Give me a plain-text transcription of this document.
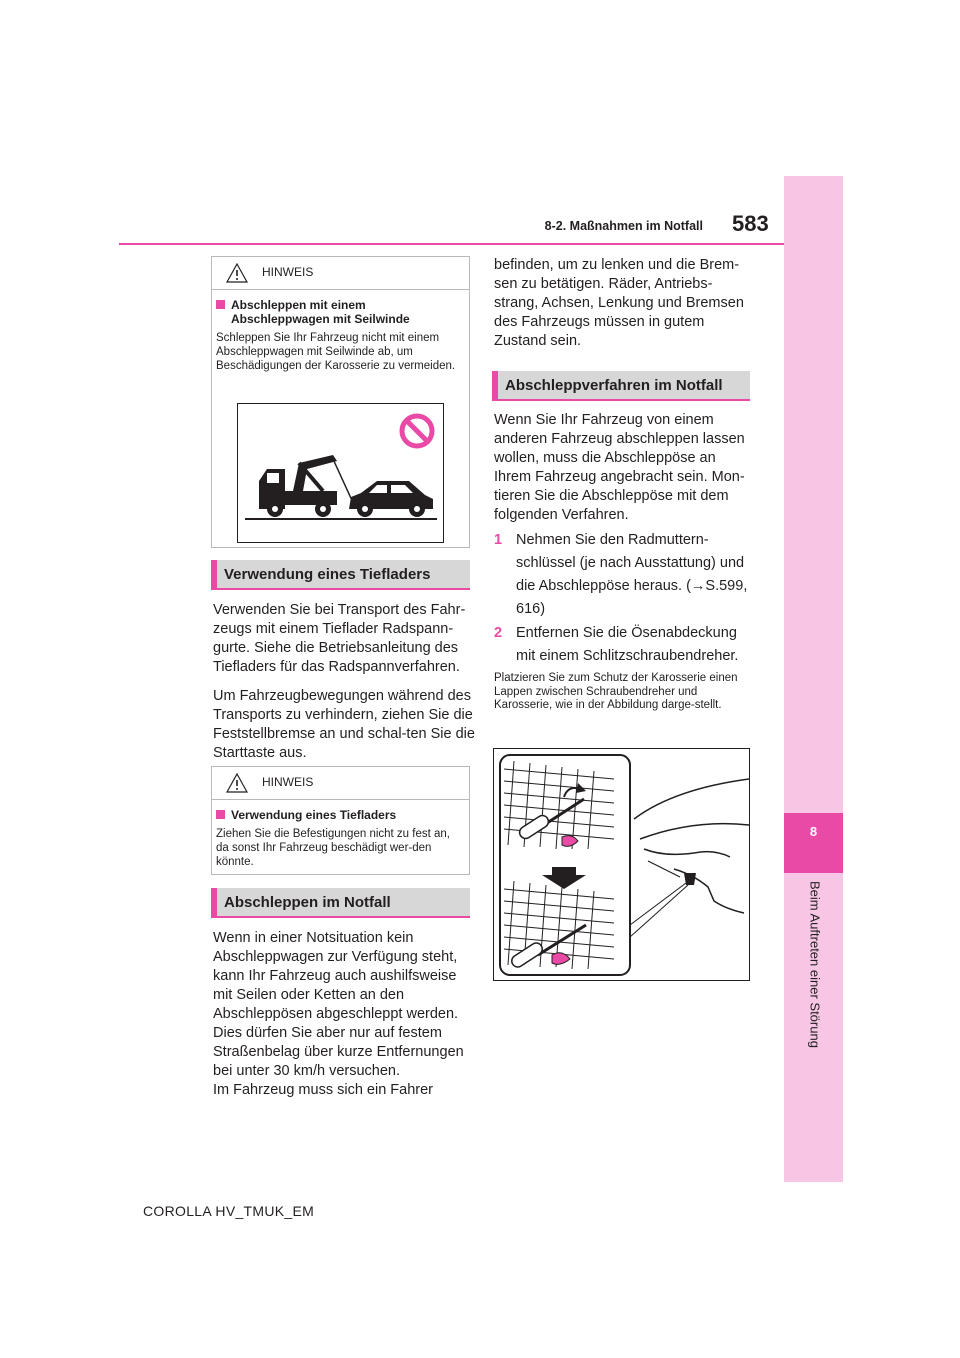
8
Beim Auftreten einer Störung
8-2. Maßnahmen im Notfall 583
HINWEIS
Abschleppen mit einem
Abschleppwagen mit Seilwinde
Schleppen Sie Ihr Fahrzeug nicht mit einem Abschleppwagen mit Seilwinde ab, um Beschädigungen der Karosserie zu vermeiden.
Verwendung eines Tiefladers

Verwenden Sie bei Transport des Fahr-zeugs mit einem Tieflader Radspann-gurte. Siehe die Betriebsanleitung des Tiefladers für das Radspannverfahren.

Um Fahrzeugbewegungen während des Transports zu verhindern, ziehen Sie die Feststellbremse an und schal-ten Sie die Starttaste aus.

HINWEIS
Verwendung eines Tiefladers
Ziehen Sie die Befestigungen nicht zu fest an, da sonst Ihr Fahrzeug beschädigt wer-den könnte.
Abschleppen im Notfall

Wenn in einer Notsituation kein Abschleppwagen zur Verfügung steht, kann Ihr Fahrzeug auch aushilfsweise mit Seilen oder Ketten an den Abschleppösen abgeschleppt werden. Dies dürfen Sie aber nur auf festem Straßenbelag über kurze Entfernungen bei unter 30 km/h versuchen.

Im Fahrzeug muss sich ein Fahrer

befinden, um zu lenken und die Brem-sen zu betätigen. Räder, Antriebs-strang, Achsen, Lenkung und Bremsen des Fahrzeugs müssen in gutem Zustand sein.

Abschleppverfahren im Notfall

Wenn Sie Ihr Fahrzeug von einem anderen Fahrzeug abschleppen lassen wollen, muss die Abschleppöse an Ihrem Fahrzeug angebracht sein. Mon-tieren Sie die Abschleppöse mit dem folgenden Verfahren.

1 Nehmen Sie den Radmuttern-
schlüssel (je nach Ausstattung) und
die Abschleppöse heraus. (→S.599,
616)
2 Entfernen Sie die Ösenabdeckung
mit einem Schlitzschraubendreher.
Platzieren Sie zum Schutz der Karosserie einen Lappen zwischen Schraubendreher und Karosserie, wie in der Abbildung darge-stellt.
COROLLA HV_TMUK_EM
